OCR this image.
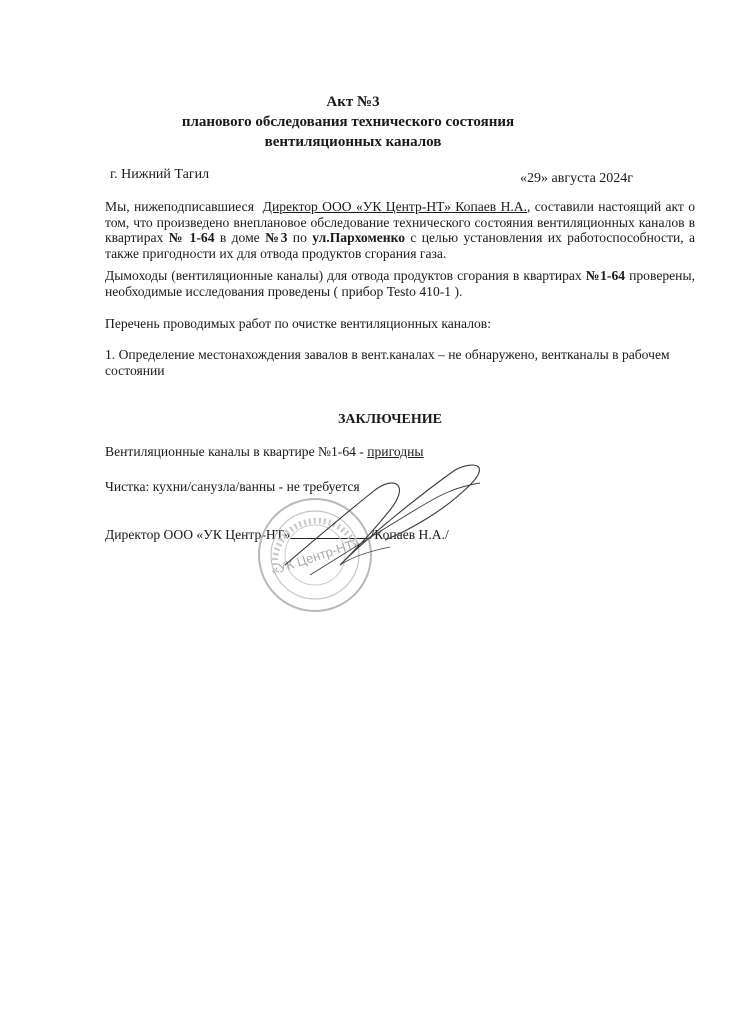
Акт №3
планового обследования технического состояния
вентиляционных каналов
г. Нижний Тагил	«29» августа 2024г
Мы, нижеподписавшиеся Директор ООО «УК Центр-НТ» Копаев Н.А., составили настоящий акт о том, что произведено внеплановое обследование технического состояния вентиляционных каналов в квартирах № 1-64 в доме №3 по ул.Пархоменко с целью установления их работоспособности, а также пригодности их для отвода продуктов сгорания газа.
Дымоходы (вентиляционные каналы) для отвода продуктов сгорания в квартирах №1-64 проверены, необходимые исследования проведены ( прибор Testo 410-1 ).
Перечень проводимых работ по очистке вентиляционных каналов:
1. Определение местонахождения завалов в вент.каналах – не обнаружено, вентканалы в рабочем состоянии
ЗАКЛЮЧЕНИЕ
Вентиляционные каналы в квартире №1-64 - пригодны
Чистка: кухни/санузла/ванны - не требуется
Директор ООО «УК Центр-НТ»	/Копаев Н.А./
«УК Центр-НТ»
